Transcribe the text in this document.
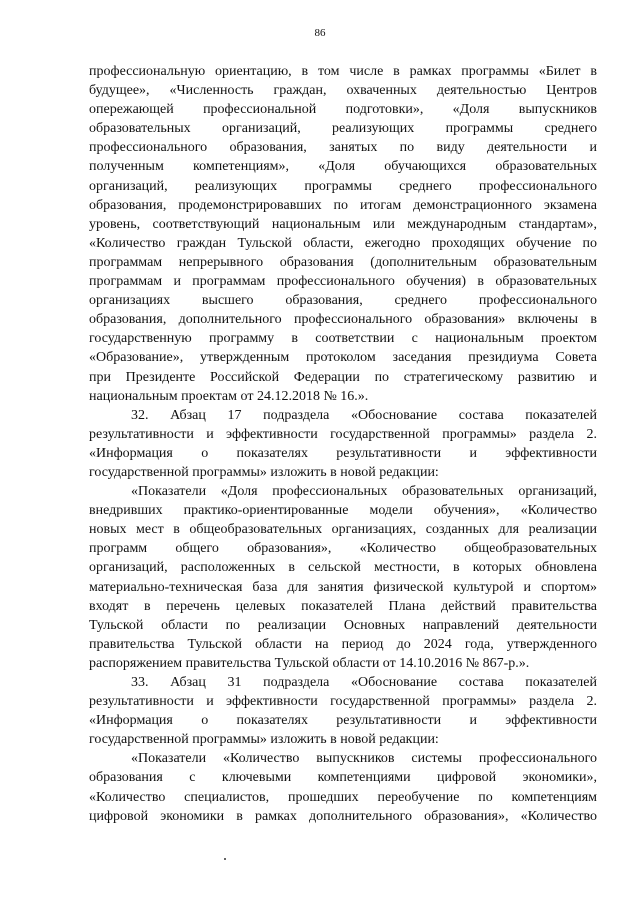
86

профессиональную ориентацию, в том числе в рамках программы «Билет в

будущее», «Численность граждан, охваченных деятельностью Центров

опережающей профессиональной подготовки», «Доля выпускников

образовательных организаций, реализующих программы среднего

профессионального образования, занятых по виду деятельности и

полученным компетенциям», «Доля обучающихся образовательных

организаций, реализующих программы среднего профессионального

образования, продемонстрировавших по итогам демонстрационного экзамена

уровень, соответствующий национальным или международным стандартам»,

«Количество граждан Тульской области, ежегодно проходящих обучение по

программам непрерывного образования (дополнительным образовательным

программам и программам профессионального обучения) в образовательных

организациях высшего образования, среднего профессионального

образования, дополнительного профессионального образования» включены в

государственную программу в соответствии с национальным проектом

«Образование», утвержденным протоколом заседания президиума Совета

при Президенте Российской Федерации по стратегическому развитию и

национальным проектам от 24.12.2018 № 16.».

32. Абзац 17 подраздела «Обоснование состава показателей

результативности и эффективности государственной программы» раздела 2.

«Информация о показателях результативности и эффективности

государственной программы» изложить в новой редакции:

«Показатели «Доля профессиональных образовательных организаций,

внедривших практико-ориентированные модели обучения», «Количество

новых мест в общеобразовательных организациях, созданных для реализации

программ общего образования», «Количество общеобразовательных

организаций, расположенных в сельской местности, в которых обновлена

материально-техническая база для занятия физической культурой и спортом»

входят в перечень целевых показателей Плана действий правительства

Тульской области по реализации Основных направлений деятельности

правительства Тульской области на период до 2024 года, утвержденного

распоряжением правительства Тульской области от 14.10.2016 № 867-р.».

33. Абзац 31 подраздела «Обоснование состава показателей

результативности и эффективности государственной программы» раздела 2.

«Информация о показателях результативности и эффективности

государственной программы» изложить в новой редакции:

«Показатели «Количество выпускников системы профессионального

образования с ключевыми компетенциями цифровой экономики»,

«Количество специалистов, прошедших переобучение по компетенциям

цифровой экономики в рамках дополнительного образования», «Количество
